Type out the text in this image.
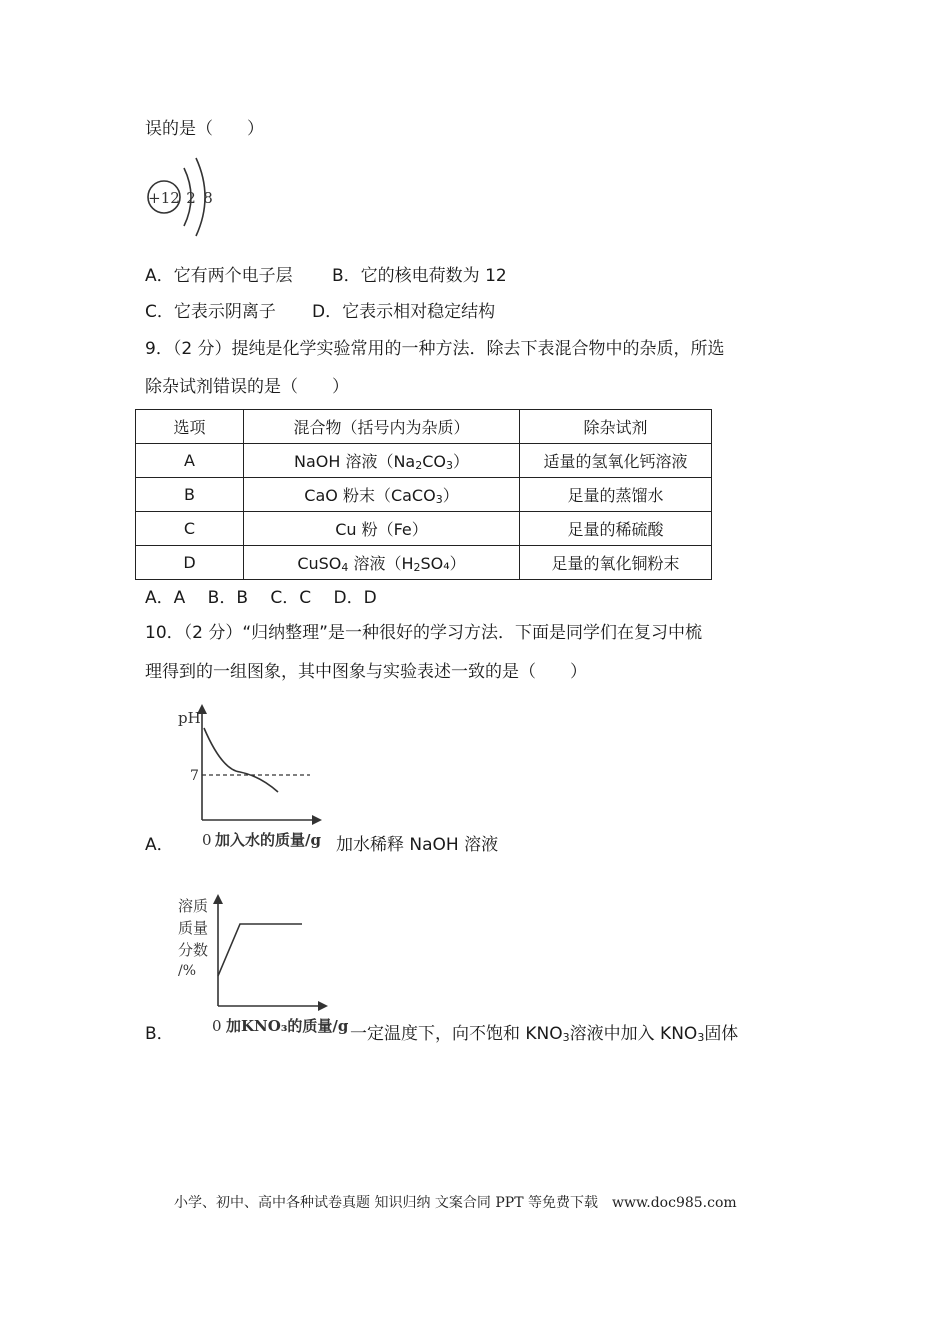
误的是（　　）
+12 2 8
A．它有两个电子层 B．它的核电荷数为 12
C．它表示阴离子 D．它表示相对稳定结构
9．（2 分）提纯是化学实验常用的一种方法．除去下表混合物中的杂质，所选
除杂试剂错误的是（　　）
选项	混合物（括号内为杂质）	除杂试剂
A	NaOH 溶液$(Na_2CO_3)$	适量的氢氧化钙溶液
B	CaO 粉末（CaCO$_3$）	足量的蒸馏水
C	Cu 粉（Fe）	足量的稀硫酸
D	CuSO$_4$ 溶液$(H_2SO_4)$	足量的氧化铜粉末
A．A　 B．B　 C．C　 D．D
10．（2 分）“归纳整理”是一种很好的学习方法．下面是同学们在复习中梳
理得到的一组图象，其中图象与实验表述一致的是（　　）
pH
7
0 加入水的质量/g
A．	加水稀释 NaOH 溶液
溶质
质量
分数
/%
0 加KNO₃的质量/g
B．	一定温度下，向不饱和 $KNO_3$溶液中加入 $KNO_3$固体
小学、初中、高中各种试卷真题 知识归纳 文案合同 PPT 等免费下载　www.doc985.com
